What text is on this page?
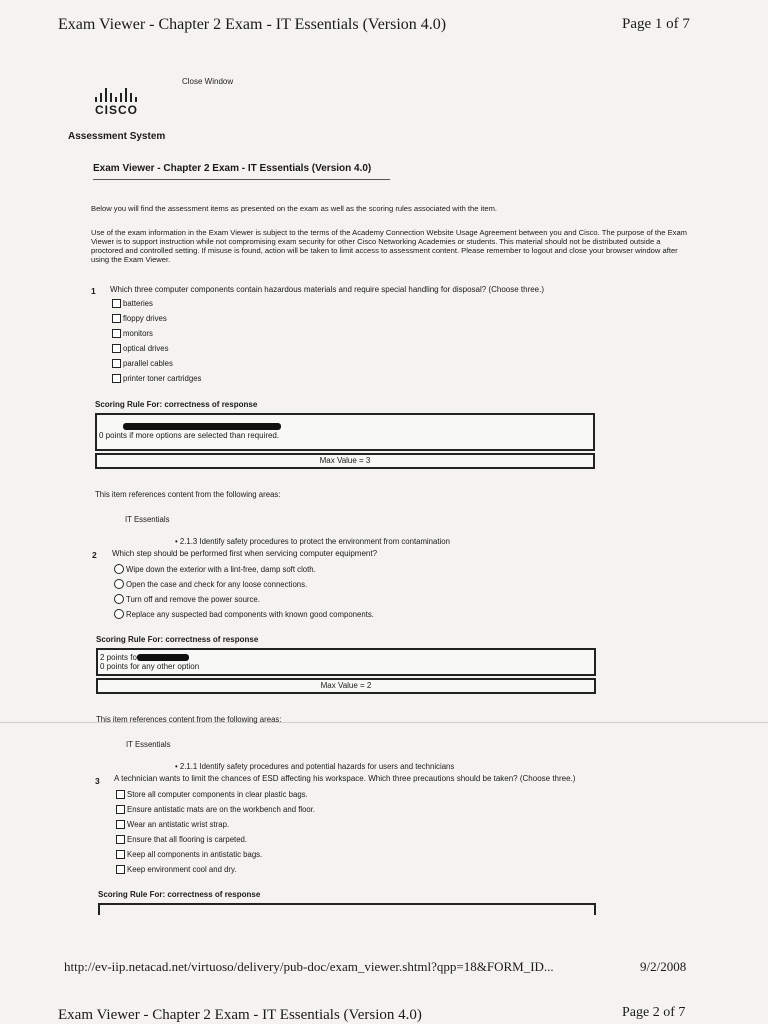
Exam Viewer - Chapter 2 Exam - IT Essentials (Version 4.0)	Page 1 of 7
CISCO
Close Window
Assessment System
Exam Viewer - Chapter 2 Exam - IT Essentials (Version 4.0)
Below you will find the assessment items as presented on the exam as well as the scoring rules associated with the item.
Use of the exam information in the Exam Viewer is subject to the terms of the Academy Connection Website Usage Agreement between you and Cisco. The purpose of the Exam Viewer is to support instruction while not compromising exam security for other Cisco Networking Academies or students. This material should not be distributed outside a proctored and controlled setting. If misuse is found, action will be taken to limit access to assessment content. Please remember to logout and close your browser window after using the Exam Viewer.
1 Which three computer components contain hazardous materials and require special handling for disposal? (Choose three.)
batteries
floppy drives
monitors
optical drives
parallel cables
printer toner cartridges
Scoring Rule For: correctness of response

0 points if more options are selected than required.
Max Value = 3
This item references content from the following areas:
IT Essentials
• 2.1.3 Identify safety procedures to protect the environment from contamination
2 Which step should be performed first when servicing computer equipment?
Wipe down the exterior with a lint-free, damp soft cloth.
Open the case and check for any loose connections.
Turn off and remove the power source.
Replace any suspected bad components with known good components.
Scoring Rule For: correctness of response
2 points fo
0 points for any other option
Max Value = 2
This item references content from the following areas:
IT Essentials
• 2.1.1 Identify safety procedures and potential hazards for users and technicians
3 A technician wants to limit the chances of ESD affecting his workspace. Which three precautions should be taken? (Choose three.)
Store all computer components in clear plastic bags.
Ensure antistatic mats are on the workbench and floor.
Wear an antistatic wrist strap.
Ensure that all flooring is carpeted.
Keep all components in antistatic bags.
Keep environment cool and dry.
Scoring Rule For: correctness of response
http://ev-iip.netacad.net/virtuoso/delivery/pub-doc/exam_viewer.shtml?qpp=18&FORM_ID...	9/2/2008
Exam Viewer - Chapter 2 Exam - IT Essentials (Version 4.0)	Page 2 of 7
